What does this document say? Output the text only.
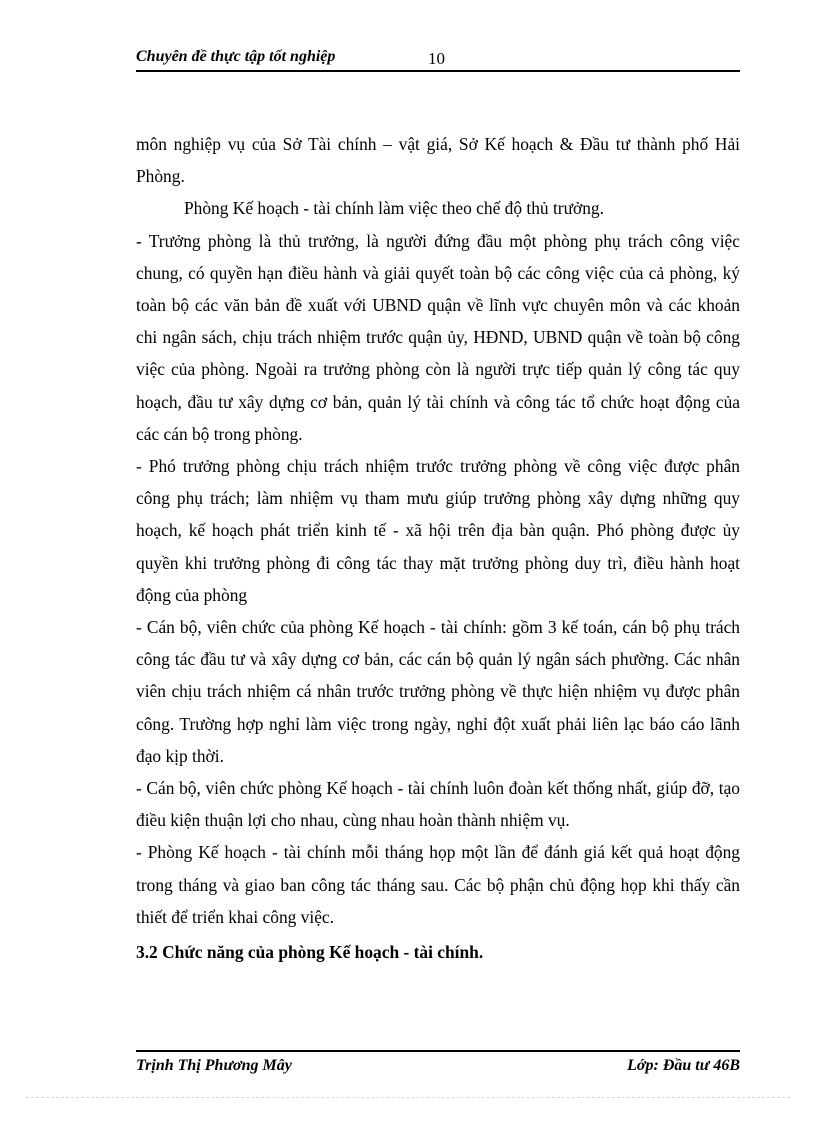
Chuyên đề thực tập tốt nghiệp	10

môn nghiệp vụ của Sở Tài chính – vật giá, Sở Kế hoạch & Đầu tư thành phố Hải Phòng.

Phòng Kế hoạch - tài chính làm việc theo chế độ thủ trưởng.

- Trưởng phòng là thủ trưởng, là người đứng đầu một phòng phụ trách công việc chung, có quyền hạn điều hành và giải quyết toàn bộ các công việc của cả phòng, ký toàn bộ các văn bản đề xuất với UBND quận về lĩnh vực chuyên môn và các khoản chi ngân sách, chịu trách nhiệm trước quận ủy, HĐND, UBND quận về toàn bộ công việc của phòng. Ngoài ra trưởng phòng còn là người trực tiếp quản lý công tác quy hoạch, đầu tư xây dựng cơ bản, quản lý tài chính và công tác tổ chức hoạt động của các cán bộ trong phòng.

- Phó trưởng phòng chịu trách nhiệm trước trưởng phòng về công việc được phân công phụ trách; làm nhiệm vụ tham mưu giúp trưởng phòng xây dựng những quy hoạch, kế hoạch phát triển kinh tế - xã hội trên địa bàn quận. Phó phòng được ủy quyền khi trưởng phòng đi công tác thay mặt trưởng phòng duy trì, điều hành hoạt động của phòng

- Cán bộ, viên chức của phòng Kế hoạch - tài chính: gồm 3 kế toán, cán bộ phụ trách công tác đầu tư và xây dựng cơ bản, các cán bộ quản lý ngân sách phường. Các nhân viên chịu trách nhiệm cá nhân trước trưởng phòng về thực hiện nhiệm vụ được phân công. Trường hợp nghỉ làm việc trong ngày, nghỉ đột xuất phải liên lạc báo cáo lãnh đạo kịp thời.

- Cán bộ, viên chức phòng Kế hoạch - tài chính luôn đoàn kết thống nhất, giúp đỡ, tạo điều kiện thuận lợi cho nhau, cùng nhau hoàn thành nhiệm vụ.

- Phòng Kế hoạch - tài chính mỗi tháng họp một lần để đánh giá kết quả hoạt động trong tháng và giao ban công tác tháng sau. Các bộ phận chủ động họp khi thấy cần thiết để triển khai công việc.

3.2 Chức năng của phòng Kế hoạch - tài chính.
Trịnh Thị Phương Mây	Lớp: Đầu tư 46B
